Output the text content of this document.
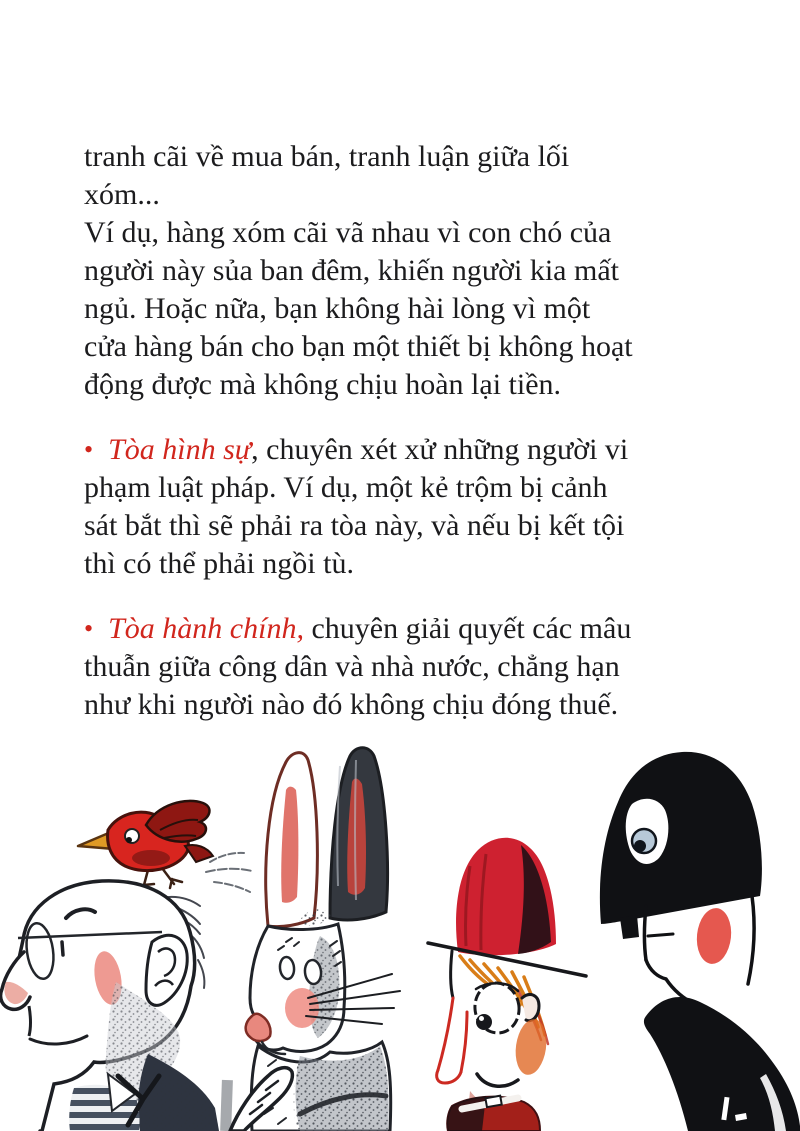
tranh cãi về mua bán, tranh luận giữa lối
xóm...
Ví dụ, hàng xóm cãi vã nhau vì con chó của
người này sủa ban đêm, khiến người kia mất
ngủ. Hoặc nữa, bạn không hài lòng vì một
cửa hàng bán cho bạn một thiết bị không hoạt
động được mà không chịu hoàn lại tiền.
• Tòa hình sự, chuyên xét xử những người vi
phạm luật pháp. Ví dụ, một kẻ trộm bị cảnh
sát bắt thì sẽ phải ra tòa này, và nếu bị kết tội
thì có thể phải ngồi tù.
• Tòa hành chính, chuyên giải quyết các mâu
thuẫn giữa công dân và nhà nước, chẳng hạn
như khi người nào đó không chịu đóng thuế.
